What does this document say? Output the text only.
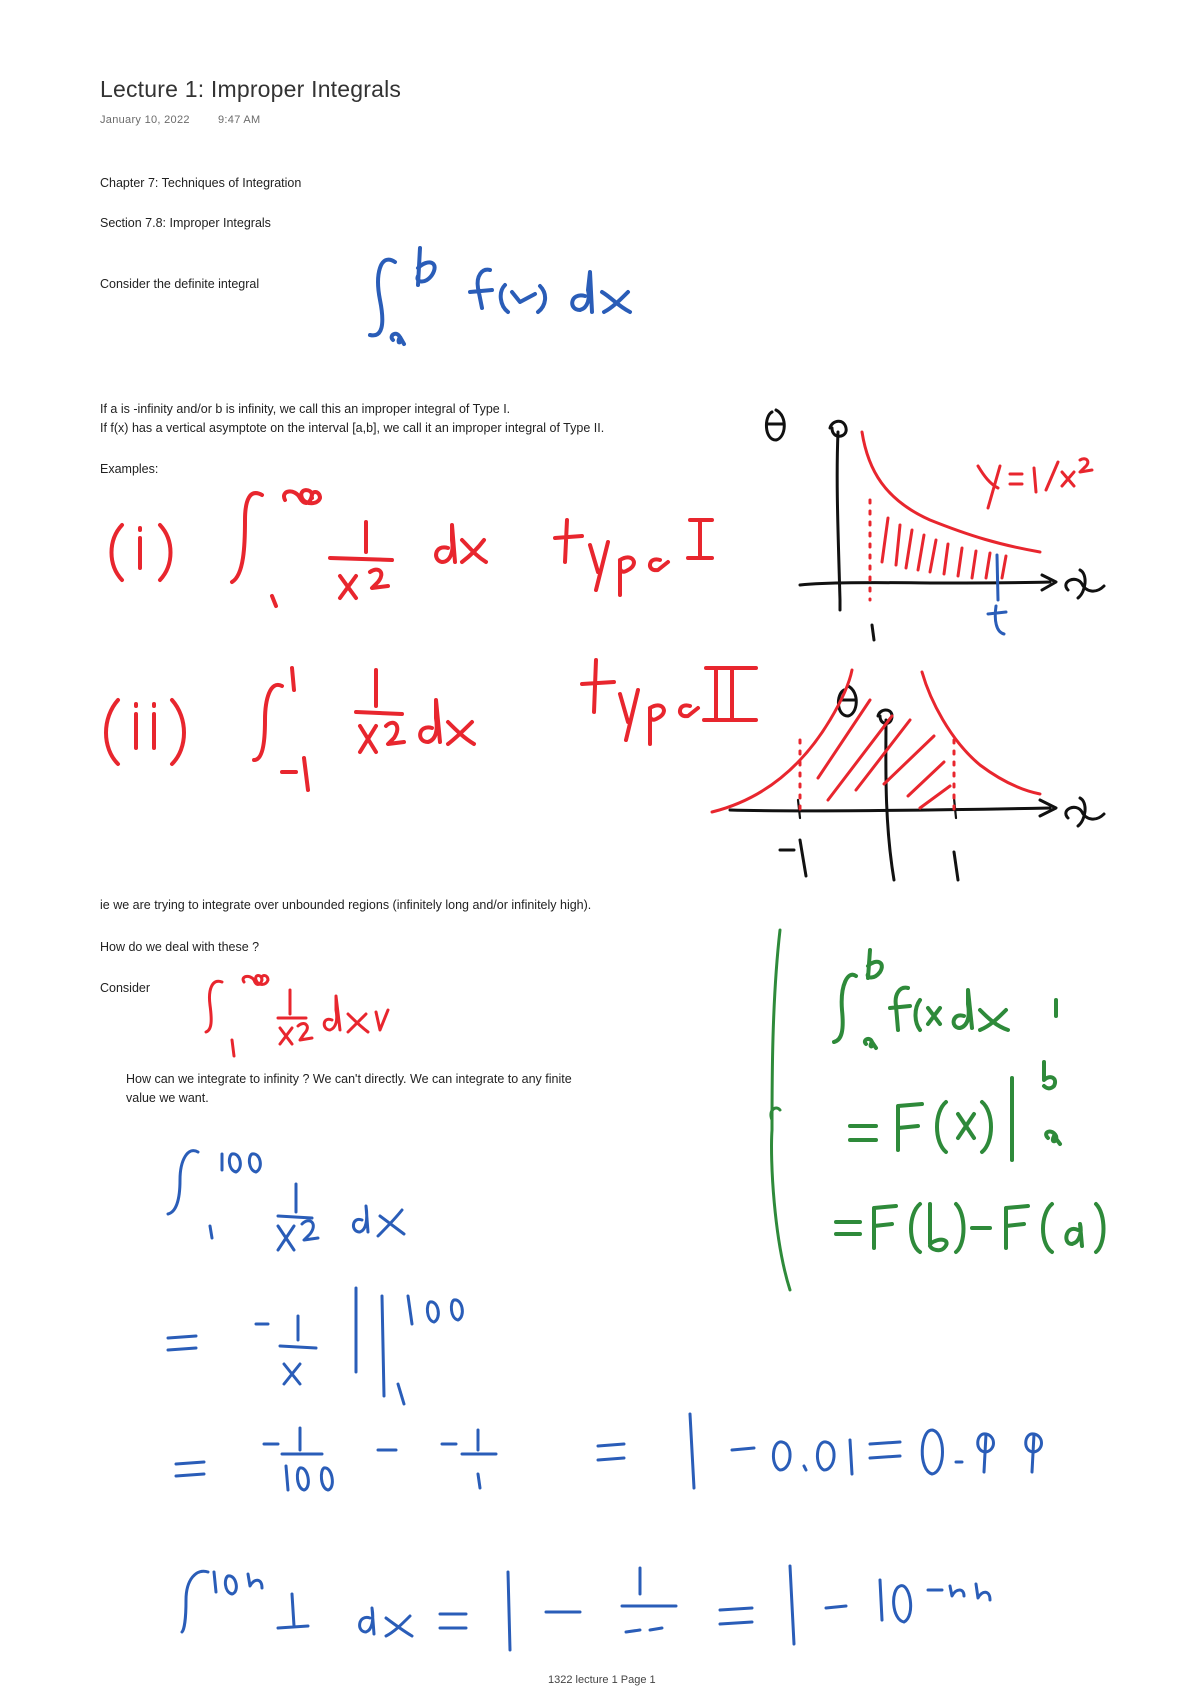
Lecture 1: Improper Integrals
January 10, 2022	9:47 AM
Chapter 7: Techniques of Integration
Section 7.8: Improper Integrals
Consider the definite integral
If a is -infinity and/or b is infinity, we call this an improper integral of Type I.
If f(x) has a vertical asymptote on the interval [a,b], we call it an improper integral of Type II.
Examples:
ie we are trying to integrate over unbounded regions (infinitely long and/or infinitely high).
How do we deal with these ?
Consider
How can we integrate to infinity ? We can't directly. We can integrate to any finite
value we want.
1322 lecture 1 Page 1
